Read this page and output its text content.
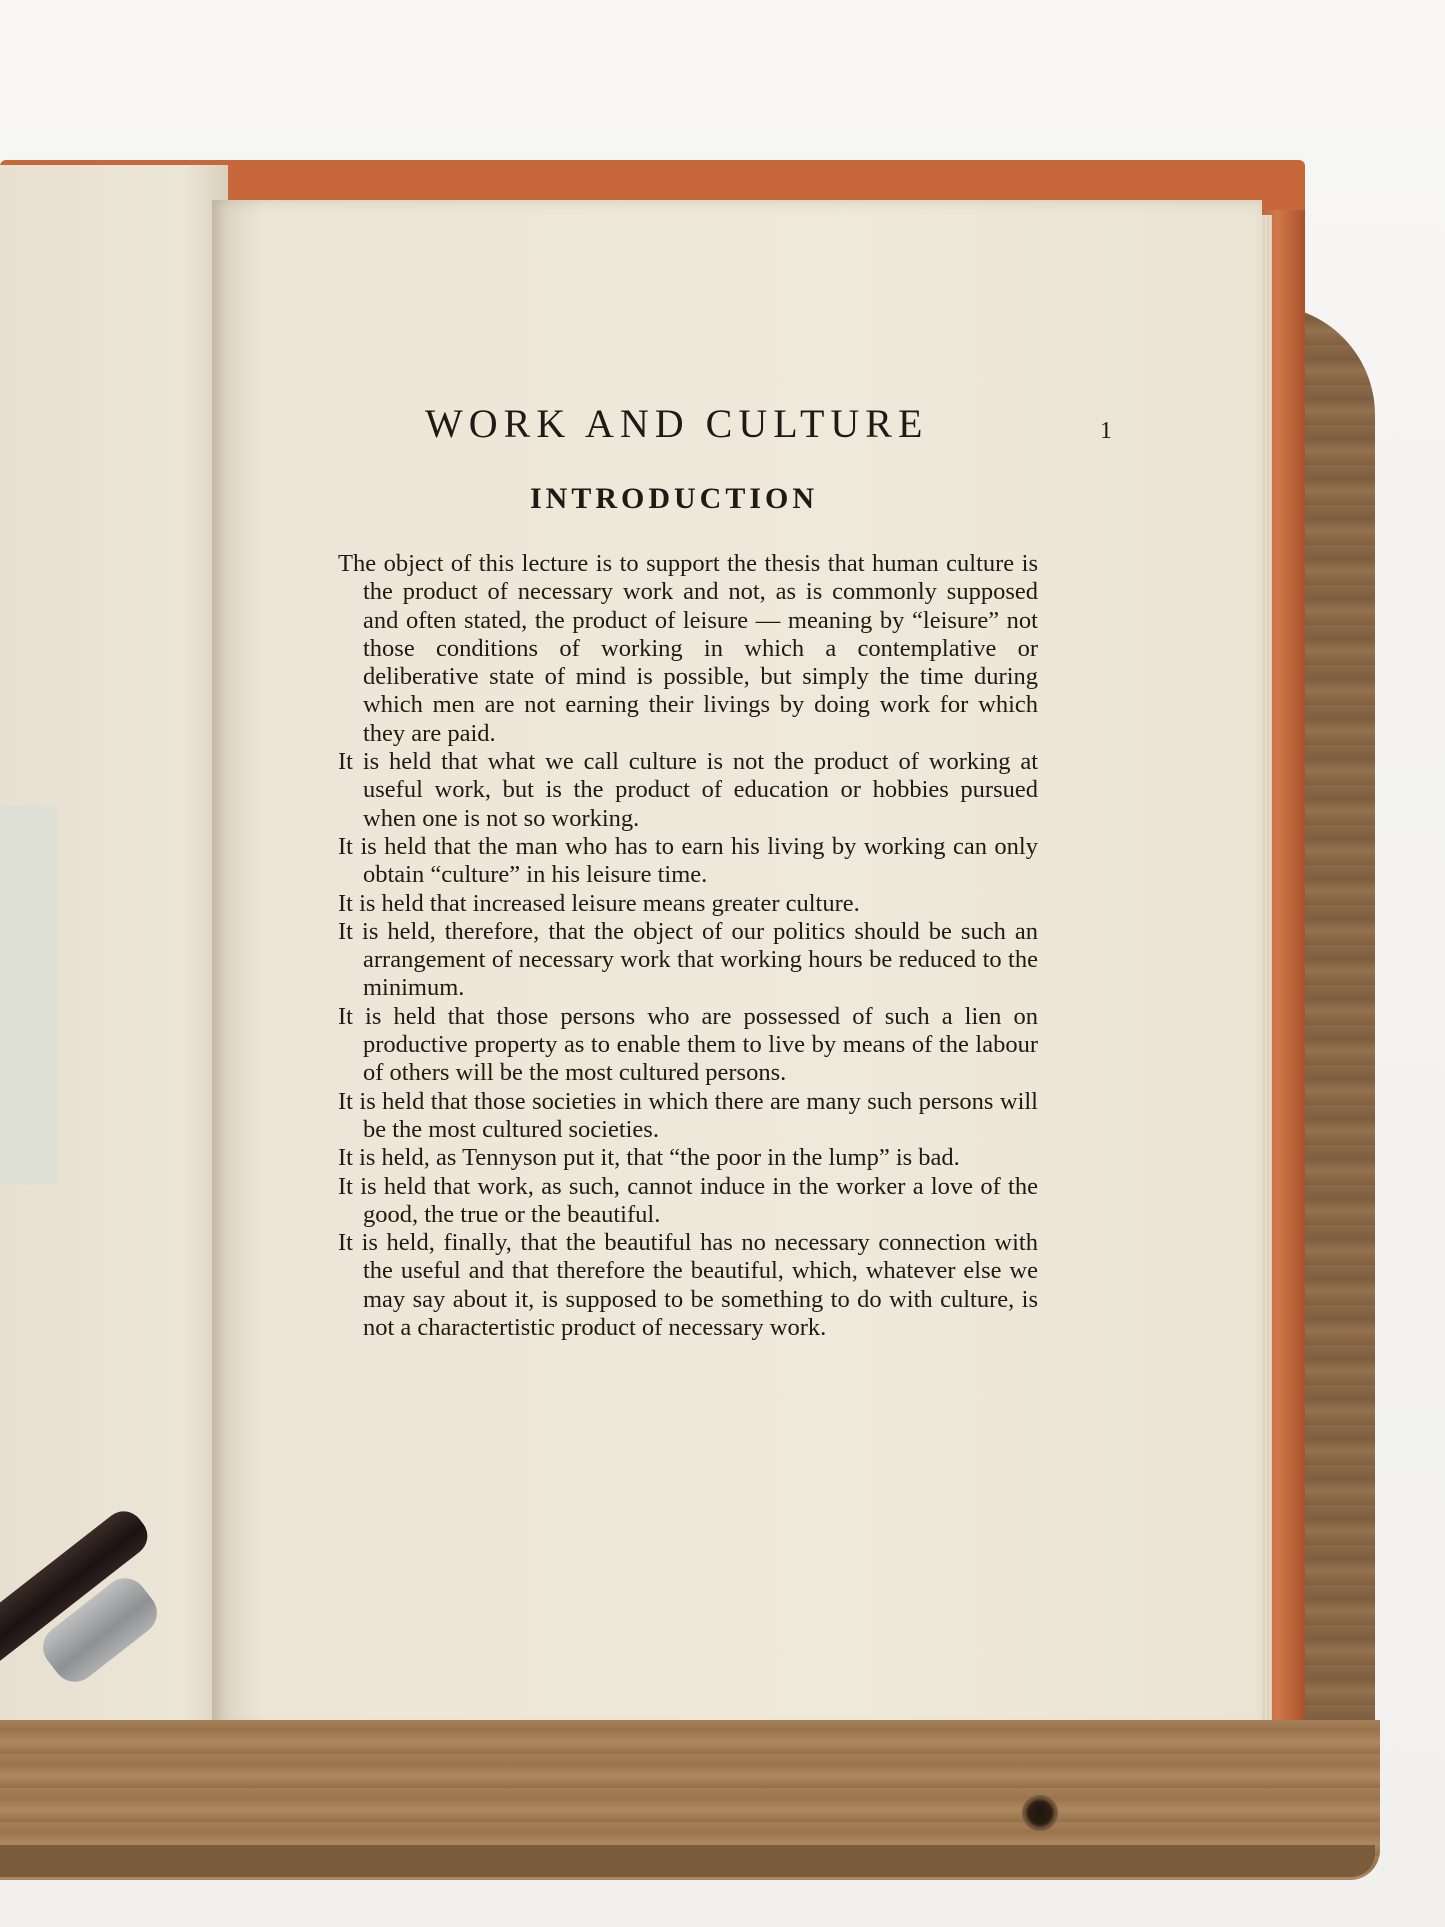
WORK AND CULTURE	1
INTRODUCTION

The object of this lecture is to support the thesis that human culture is the product of necessary work and not, as is commonly supposed and often stated, the product of leisure — meaning by “leisure” not those conditions of working in which a contemplative or deliberative state of mind is possible, but simply the time during which men are not earning their livings by doing work for which they are paid.

It is held that what we call culture is not the product of working at useful work, but is the product of education or hobbies pursued when one is not so working.

It is held that the man who has to earn his living by working can only obtain “culture” in his leisure time.

It is held that increased leisure means greater culture.

It is held, therefore, that the object of our politics should be such an arrangement of necessary work that working hours be reduced to the minimum.

It is held that those persons who are possessed of such a lien on productive property as to enable them to live by means of the labour of others will be the most cultured persons.

It is held that those societies in which there are many such persons will be the most cultured societies.

It is held, as Tennyson put it, that “the poor in the lump” is bad.

It is held that work, as such, cannot induce in the worker a love of the good, the true or the beautiful.

It is held, finally, that the beautiful has no necessary connection with the useful and that therefore the beautiful, which, whatever else we may say about it, is supposed to be something to do with culture, is not a charactertistic product of necessary work.
